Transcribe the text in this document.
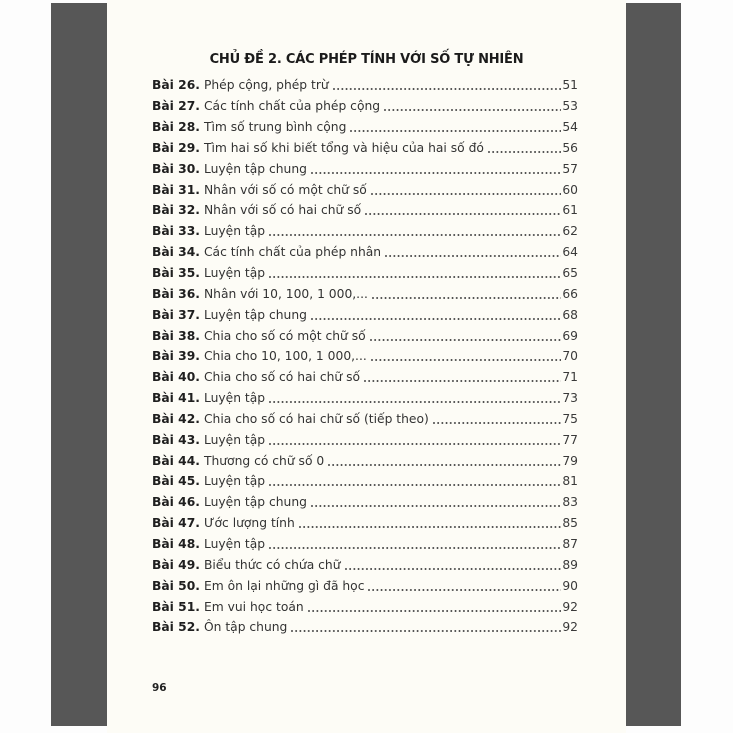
CHỦ ĐỀ 2. CÁC PHÉP TÍNH VỚI SỐ TỰ NHIÊN
Bài 26. Phép cộng, phép trừ	51
Bài 27. Các tính chất của phép cộng	53
Bài 28. Tìm số trung bình cộng	54
Bài 29. Tìm hai số khi biết tổng và hiệu của hai số đó	56
Bài 30. Luyện tập chung	57
Bài 31. Nhân với số có một chữ số	60
Bài 32. Nhân với số có hai chữ số	61
Bài 33. Luyện tập	62
Bài 34. Các tính chất của phép nhân	64
Bài 35. Luyện tập	65
Bài 36. Nhân với 10, 100, 1 000,...	66
Bài 37. Luyện tập chung	68
Bài 38. Chia cho số có một chữ số	69
Bài 39. Chia cho 10, 100, 1 000,...	70
Bài 40. Chia cho số có hai chữ số	71
Bài 41. Luyện tập	73
Bài 42. Chia cho số có hai chữ số (tiếp theo)	75
Bài 43. Luyện tập	77
Bài 44. Thương có chữ số 0	79
Bài 45. Luyện tập	81
Bài 46. Luyện tập chung	83
Bài 47. Ước lượng tính	85
Bài 48. Luyện tập	87
Bài 49. Biểu thức có chứa chữ	89
Bài 50. Em ôn lại những gì đã học	90
Bài 51. Em vui học toán	92
Bài 52. Ôn tập chung	92
96
